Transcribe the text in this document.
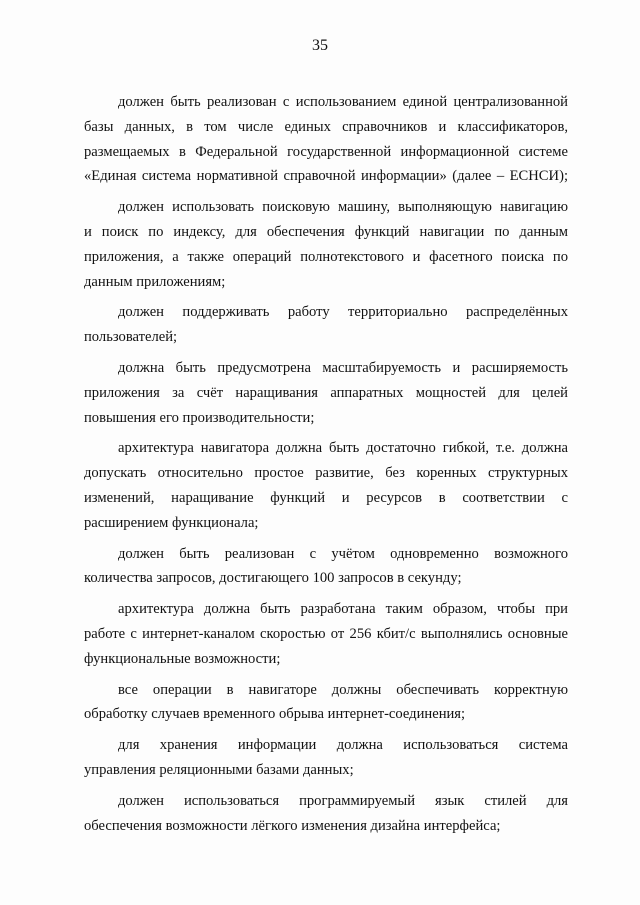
35

должен быть реализован с использованием единой централизованной
базы данных, в том числе единых справочников и классификаторов,
размещаемых в Федеральной государственной информационной системе
«Единая система нормативной справочной информации» (далее – ЕСНСИ);

должен использовать поисковую машину, выполняющую навигацию
и поиск по индексу, для обеспечения функций навигации по данным
приложения, а также операций полнотекстового и фасетного поиска по
данным приложениям;

должен поддерживать работу территориально распределённых
пользователей;

должна быть предусмотрена масштабируемость и расширяемость
приложения за счёт наращивания аппаратных мощностей для целей
повышения его производительности;

архитектура навигатора должна быть достаточно гибкой, т.е. должна
допускать относительно простое развитие, без коренных структурных
изменений, наращивание функций и ресурсов в соответствии с
расширением функционала;

должен быть реализован с учётом одновременно возможного
количества запросов, достигающего 100 запросов в секунду;

архитектура должна быть разработана таким образом, чтобы при
работе с интернет-каналом скоростью от 256 кбит/с выполнялись основные
функциональные возможности;

все операции в навигаторе должны обеспечивать корректную
обработку случаев временного обрыва интернет-соединения;

для хранения информации должна использоваться система
управления реляционными базами данных;

должен использоваться программируемый язык стилей для
обеспечения возможности лёгкого изменения дизайна интерфейса;
